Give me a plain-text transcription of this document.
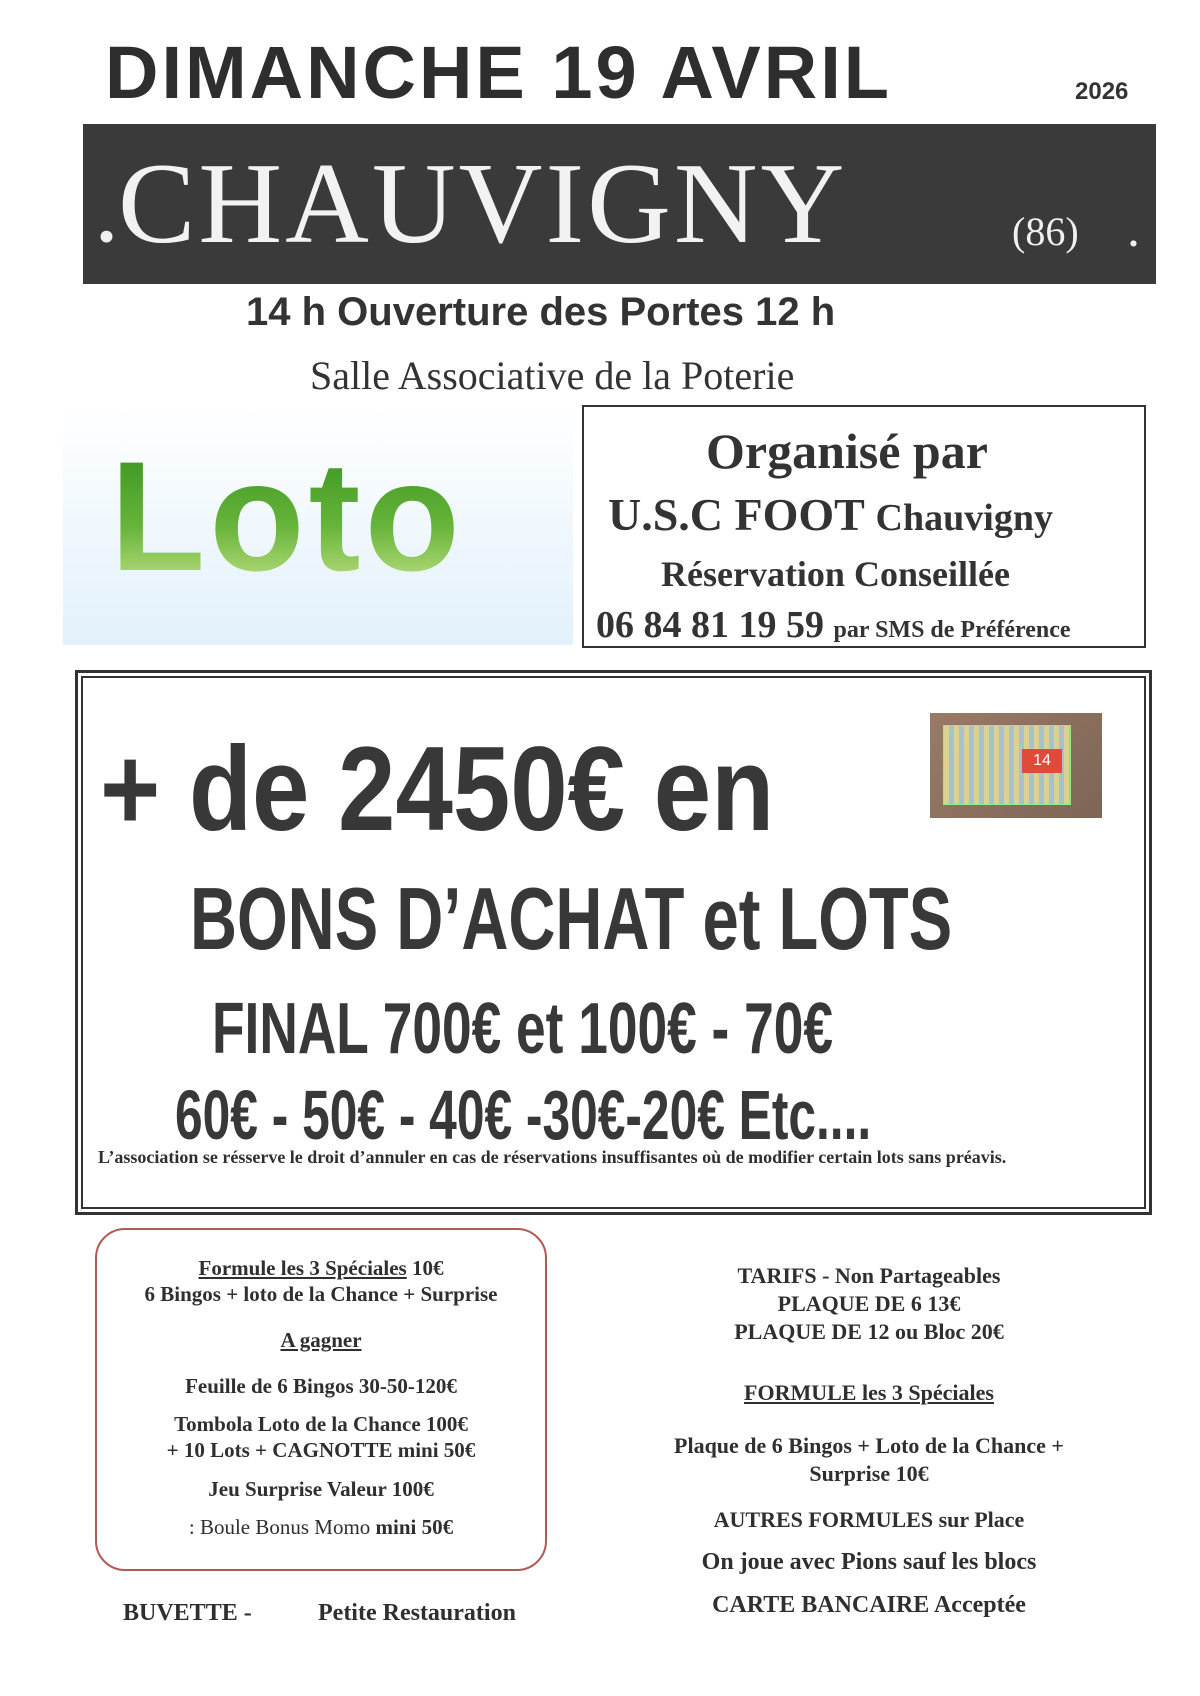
DIMANCHE 19 AVRIL	2026
. CHAUVIGNY	(86) .
14 h Ouverture des Portes 12 h
Salle Associative de la Poterie
Loto	Organisé par
U.S.C FOOT Chauvigny
Réservation Conseillée
06 84 81 19 59 par SMS de Préférence
+ de 2450€ en	14
BONS D’ACHAT et LOTS
FINAL 700€ et 100€ - 70€
60€ - 50€ - 40€ -30€-20€ Etc....
L’association se résserve le droit d’annuler en cas de réservations insuffisantes où de modifier certain lots sans préavis.
Formule les 3 Spéciales 10€
6 Bingos + loto de la Chance + Surprise
A gagner
Feuille de 6 Bingos 30-50-120€
Tombola Loto de la Chance 100€
+ 10 Lots + CAGNOTTE mini 50€
Jeu Surprise Valeur 100€
: Boule Bonus Momo mini 50€
BUVETTE -	Petite Restauration
TARIFS - Non Partageables
PLAQUE DE 6 13€
PLAQUE DE 12 ou Bloc 20€
FORMULE les 3 Spéciales
Plaque de 6 Bingos + Loto de la Chance +
Surprise 10€
AUTRES FORMULES sur Place
On joue avec Pions sauf les blocs
CARTE BANCAIRE Acceptée
